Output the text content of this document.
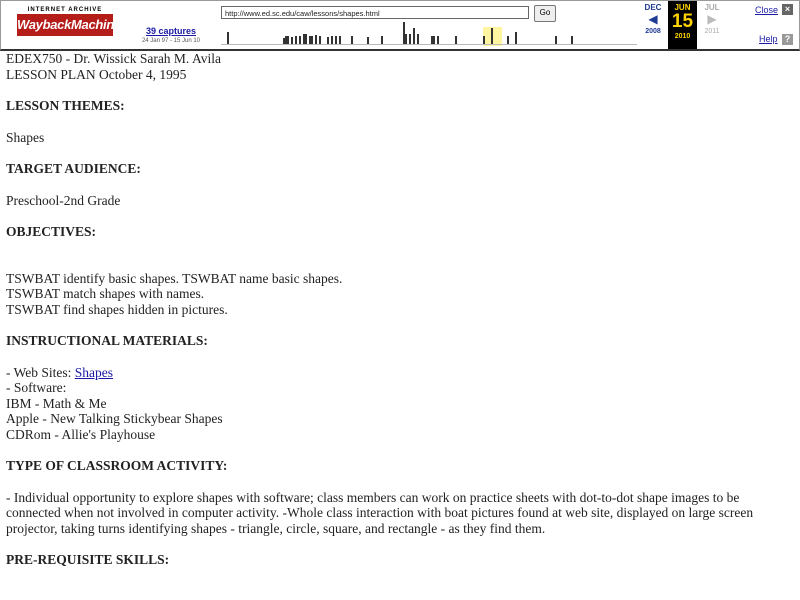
INTERNET ARCHIVE
WaybackMachine	39 captures
24 Jan 97 - 15 Jun 10
http://www.ed.sc.edu/caw/lessons/shapes.html	Go
DEC
◀
2008
JUN
15
2010
JUL
▶
2011
Close ×
Help ?

EDEX750 - Dr. Wissick Sarah M. Avila

LESSON PLAN October 4, 1995

LESSON THEMES:

Shapes

TARGET AUDIENCE:

Preschool-2nd Grade

OBJECTIVES:

TSWBAT identify basic shapes. TSWBAT name basic shapes.

TSWBAT match shapes with names.

TSWBAT find shapes hidden in pictures.

INSTRUCTIONAL MATERIALS:

- Web Sites: Shapes

- Software:

IBM - Math & Me

Apple - New Talking Stickybear Shapes

CDRom - Allie's Playhouse

TYPE OF CLASSROOM ACTIVITY:

- Individual opportunity to explore shapes with software; class members can work on practice sheets with dot-to-dot shape images to be connected when not involved in computer activity. -Whole class interaction with boat pictures found at web site, displayed on large screen projector, taking turns identifying shapes - triangle, circle, square, and rectangle - as they find them.

PRE-REQUISITE SKILLS:
